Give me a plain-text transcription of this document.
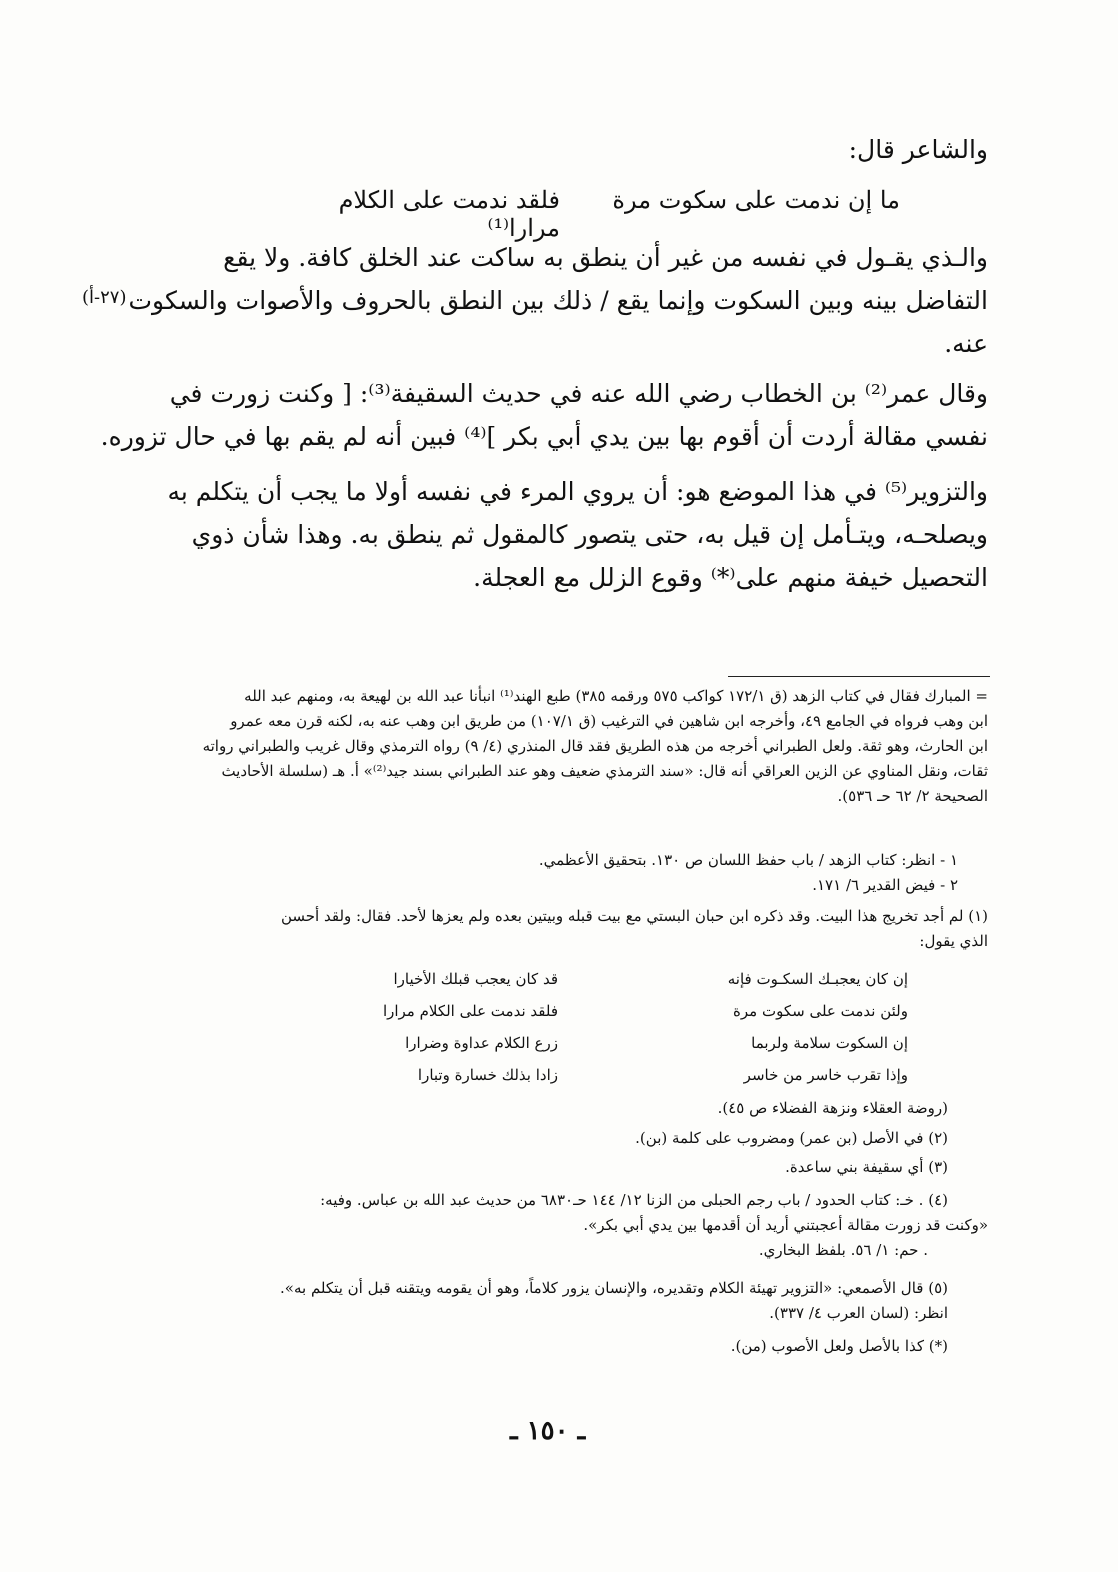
والشاعر قال:
ما إن ندمت على سكوت مرة
فلقد ندمت على الكلام مرارا⁽¹⁾
والـذي يقـول في نفسه من غير أن ينطق به ساكت عند الخلق كافة. ولا يقع
التفاضل بينه وبين السكوت وإنما يقع / ذلك بين النطق بالحروف والأصوات والسكوت
عنه.
(٢٧-أ)
وقال عمر⁽²⁾ بن الخطاب رضي الله عنه في حديث السقيفة⁽³⁾: [ وكنت زورت في
نفسي مقالة أردت أن أقوم بها بين يدي أبي بكر ]⁽⁴⁾ فبين أنه لم يقم بها في حال تزوره.
والتزوير⁽⁵⁾ في هذا الموضع هو: أن يروي المرء في نفسه أولا ما يجب أن يتكلم به
ويصلحـه، ويتـأمل إن قيل به، حتى يتصور كالمقول ثم ينطق به. وهذا شأن ذوي
التحصيل خيفة منهم على⁽*⁾ وقوع الزلل مع العجلة.
= المبارك فقال في كتاب الزهد (ق ١٧٢/١ كواكب ٥٧٥ ورقمه ٣٨٥) طبع الهند⁽¹⁾ انبأنا عبد الله بن لهيعة به، ومنهم عبد الله
ابن وهب فرواه في الجامع ٤٩، وأخرجه ابن شاهين في الترغيب (ق ١٠٧/١) من طريق ابن وهب عنه به، لكنه قرن معه عمرو
ابن الحارث، وهو ثقة. ولعل الطبراني أخرجه من هذه الطريق فقد قال المنذري (٤/ ٩) رواه الترمذي وقال غريب والطبراني رواته
ثقات، ونقل المناوي عن الزين العراقي أنه قال: «سند الترمذي ضعيف وهو عند الطبراني بسند جيد⁽²⁾» أ. هـ (سلسلة الأحاديث
الصحيحة ٢/ ٦٢ حـ ٥٣٦).
١ - انظر: كتاب الزهد / باب حفظ اللسان ص ١٣٠. بتحقيق الأعظمي.
٢ - فيض القدير ٦/ ١٧١.
(١) لم أجد تخريج هذا البيت. وقد ذكره ابن حبان البستي مع بيت قبله وبيتين بعده ولم يعزها لأحد. فقال: ولقد أحسن
الذي يقول:
إن كان يعجبـك السكـوت فإنه
قد كان يعجب قبلك الأخيارا
ولئن ندمت على سكوت مرة
فلقد ندمت على الكلام مرارا
إن السكوت سلامة ولربما
زرع الكلام عداوة وضرارا
وإذا تقرب خاسر من خاسر
زادا بذلك خسارة وتبارا
(روضة العقلاء ونزهة الفضلاء ص ٤٥).
(٢) في الأصل (بن عمر) ومضروب على كلمة (بن).
(٣) أي سقيفة بني ساعدة.
(٤) . خـ: كتاب الحدود / باب رجم الحبلى من الزنا ١٢/ ١٤٤ حـ٦٨٣٠ من حديث عبد الله بن عباس. وفيه:
«وكنت قد زورت مقالة أعجبتني أريد أن أقدمها بين يدي أبي بكر».
. حم: ١/ ٥٦. بلفظ البخاري.
(٥) قال الأصمعي: «التزوير تهيئة الكلام وتقديره، والإنسان يزور كلاماً، وهو أن يقومه ويتقنه قبل أن يتكلم به».
انظر: (لسان العرب ٤/ ٣٣٧).
(*) كذا بالأصل ولعل الأصوب (من).
ـ ١٥٠ ـ
